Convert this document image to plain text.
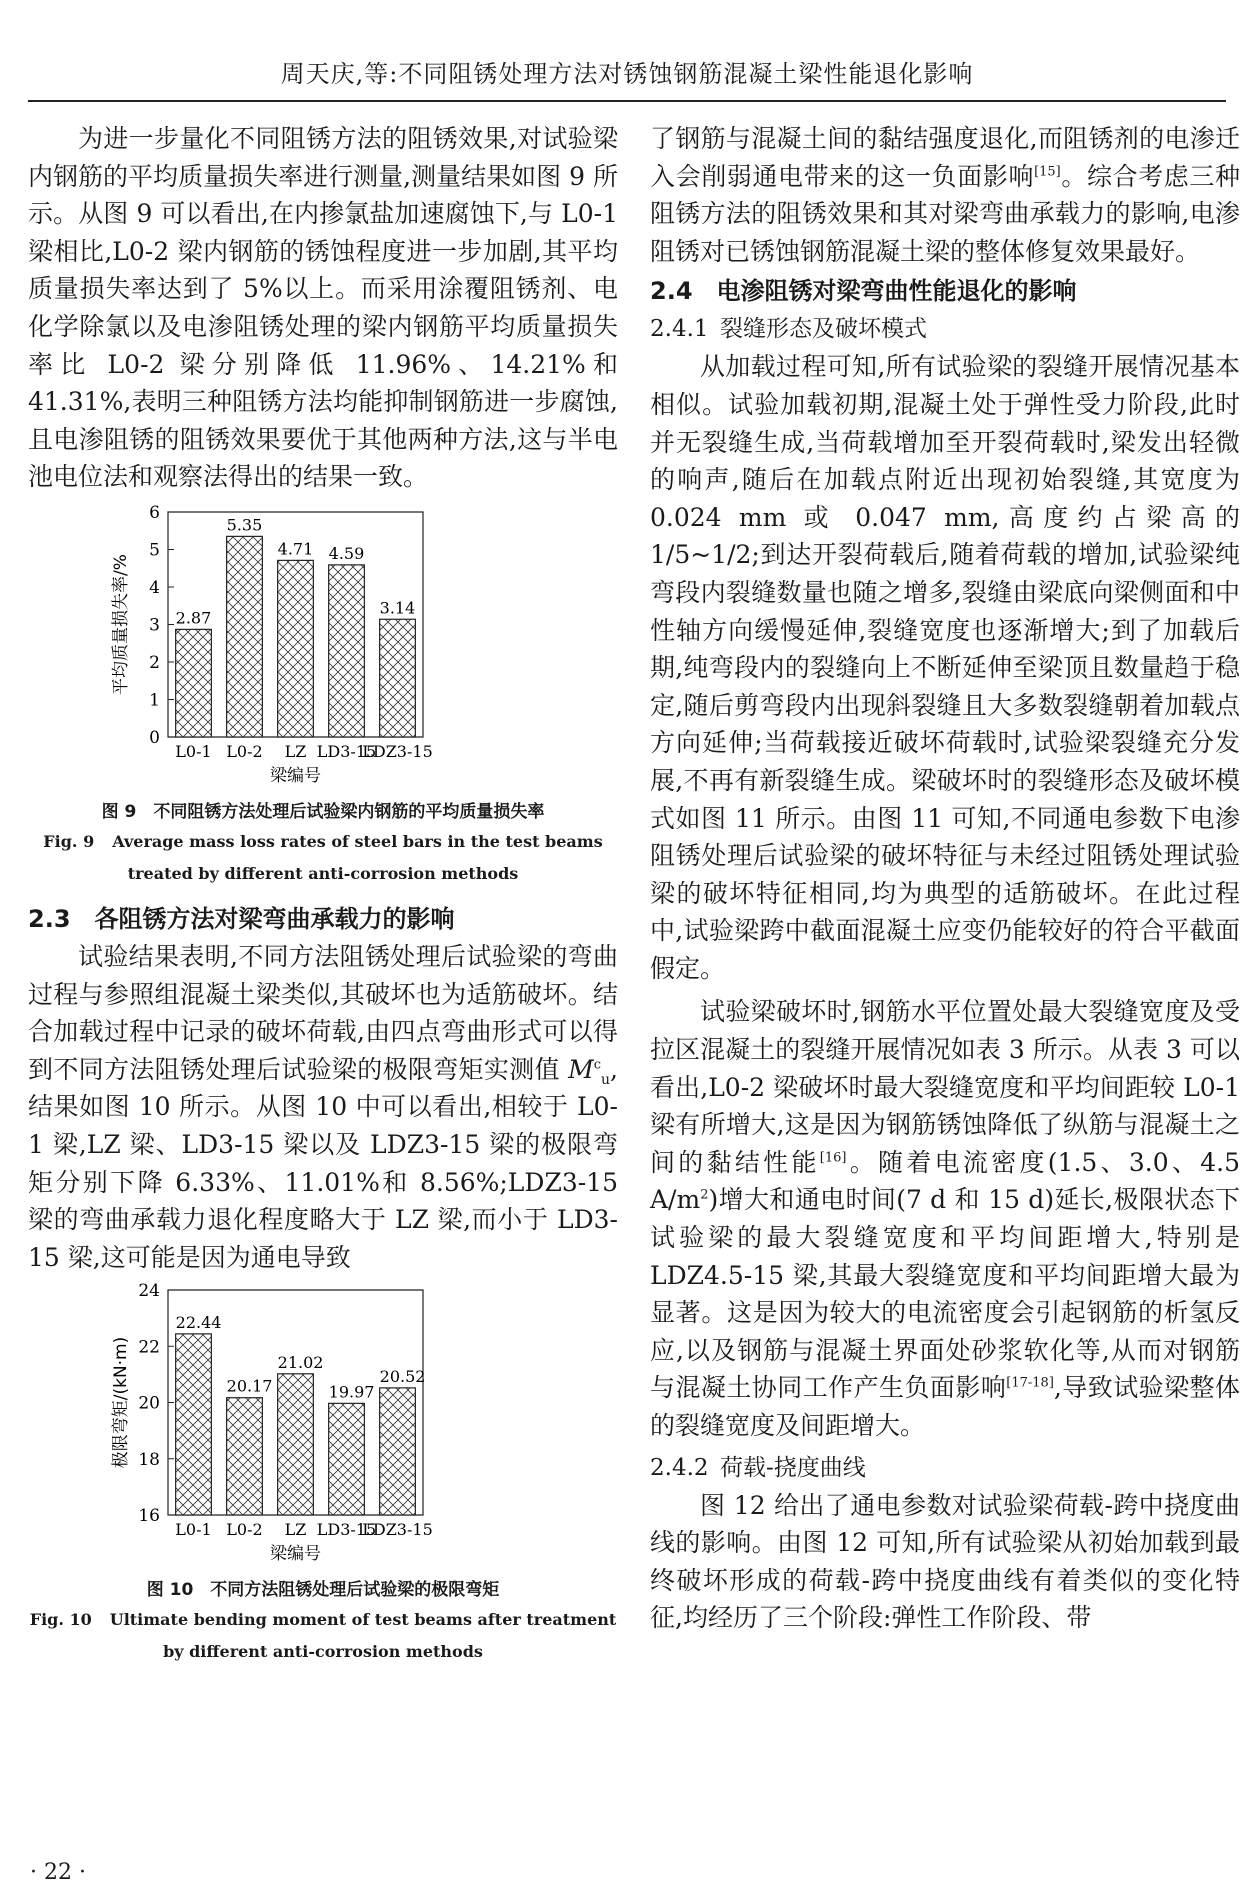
周天庆,等:不同阻锈处理方法对锈蚀钢筋混凝土梁性能退化影响

为进一步量化不同阻锈方法的阻锈效果,对试验梁内钢筋的平均质量损失率进行测量,测量结果如图 9 所示。从图 9 可以看出,在内掺氯盐加速腐蚀下,与 L0-1 梁相比,L0-2 梁内钢筋的锈蚀程度进一步加剧,其平均质量损失率达到了 5%以上。而采用涂覆阻锈剂、电化学除氯以及电渗阻锈处理的梁内钢筋平均质量损失率比 L0-2 梁分别降低 11.96%、14.21%和 41.31%,表明三种阻锈方法均能抑制钢筋进一步腐蚀,且电渗阻锈的阻锈效果要优于其他两种方法,这与半电池电位法和观察法得出的结果一致。

0
1
2
3
4
5
6
2.87
L0-1
5.35
L0-2
4.71
LZ
4.59
LD3-15
3.14
LDZ3-15
梁编号
平均质量损失率/%
图 9　不同阻锈方法处理后试验梁内钢筋的平均质量损失率
Fig. 9 Average mass loss rates of steel bars in the test beams treated by different anti-corrosion methods
2.3　各阻锈方法对梁弯曲承载力的影响

试验结果表明,不同方法阻锈处理后试验梁的弯曲过程与参照组混凝土梁类似,其破坏也为适筋破坏。结合加载过程中记录的破坏荷载,由四点弯曲形式可以得到不同方法阻锈处理后试验梁的极限弯矩实测值 $M^c_u$,结果如图 10 所示。从图 10 中可以看出,相较于 L0-1 梁,LZ 梁、LD3-15 梁以及 LDZ3-15 梁的极限弯矩分别下降 6.33%、11.01%和 8.56%;LDZ3-15 梁的弯曲承载力退化程度略大于 LZ 梁,而小于 LD3-15 梁,这可能是因为通电导致

16
18
20
22
24
22.44
L0-1
20.17
L0-2
21.02
LZ
19.97
LD3-15
20.52
LDZ3-15
梁编号
极限弯矩/(kN·m)
图 10　不同方法阻锈处理后试验梁的极限弯矩
Fig. 10 Ultimate bending moment of test beams after treatment by different anti-corrosion methods

了钢筋与混凝土间的黏结强度退化,而阻锈剂的电渗迁入会削弱通电带来的这一负面影响[15]。综合考虑三种阻锈方法的阻锈效果和其对梁弯曲承载力的影响,电渗阻锈对已锈蚀钢筋混凝土梁的整体修复效果最好。

2.4　电渗阻锈对梁弯曲性能退化的影响
2.4.1 裂缝形态及破坏模式

从加载过程可知,所有试验梁的裂缝开展情况基本相似。试验加载初期,混凝土处于弹性受力阶段,此时并无裂缝生成,当荷载增加至开裂荷载时,梁发出轻微的响声,随后在加载点附近出现初始裂缝,其宽度为 0.024 mm 或 0.047 mm,高度约占梁高的 1/5~1/2;到达开裂荷载后,随着荷载的增加,试验梁纯弯段内裂缝数量也随之增多,裂缝由梁底向梁侧面和中性轴方向缓慢延伸,裂缝宽度也逐渐增大;到了加载后期,纯弯段内的裂缝向上不断延伸至梁顶且数量趋于稳定,随后剪弯段内出现斜裂缝且大多数裂缝朝着加载点方向延伸;当荷载接近破坏荷载时,试验梁裂缝充分发展,不再有新裂缝生成。梁破坏时的裂缝形态及破坏模式如图 11 所示。由图 11 可知,不同通电参数下电渗阻锈处理后试验梁的破坏特征与未经过阻锈处理试验梁的破坏特征相同,均为典型的适筋破坏。在此过程中,试验梁跨中截面混凝土应变仍能较好的符合平截面假定。

试验梁破坏时,钢筋水平位置处最大裂缝宽度及受拉区混凝土的裂缝开展情况如表 3 所示。从表 3 可以看出,L0-2 梁破坏时最大裂缝宽度和平均间距较 L0-1 梁有所增大,这是因为钢筋锈蚀降低了纵筋与混凝土之间的黏结性能[16]。随着电流密度(1.5、3.0、4.5 $A/m^2$)增大和通电时间(7 d 和 15 d)延长,极限状态下试验梁的最大裂缝宽度和平均间距增大,特别是 LDZ4.5-15 梁,其最大裂缝宽度和平均间距增大最为显著。这是因为较大的电流密度会引起钢筋的析氢反应,以及钢筋与混凝土界面处砂浆软化等,从而对钢筋与混凝土协同工作产生负面影响[17-18],导致试验梁整体的裂缝宽度及间距增大。

2.4.2 荷载-挠度曲线

图 12 给出了通电参数对试验梁荷载-跨中挠度曲线的影响。由图 12 可知,所有试验梁从初始加载到最终破坏形成的荷载-跨中挠度曲线有着类似的变化特征,均经历了三个阶段:弹性工作阶段、带

· 22 ·
